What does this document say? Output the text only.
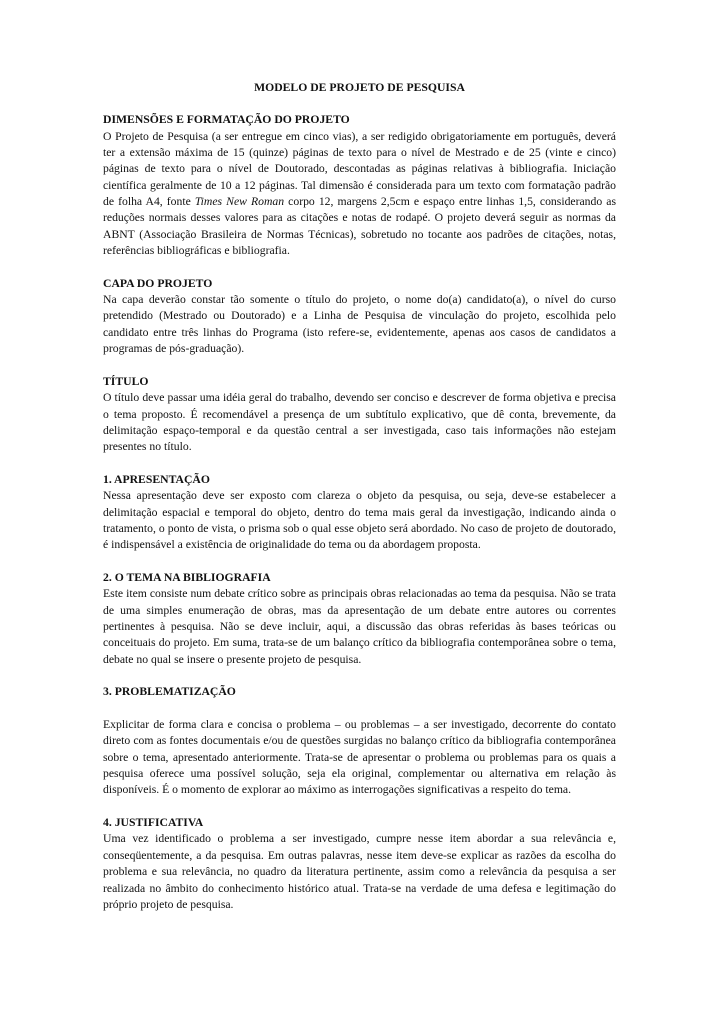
MODELO DE PROJETO DE PESQUISA

DIMENSÕES E FORMATAÇÃO DO PROJETO

O Projeto de Pesquisa (a ser entregue em cinco vias), a ser redigido obrigatoriamente em português, deverá ter a extensão máxima de 15 (quinze) páginas de texto para o nível de Mestrado e de 25 (vinte e cinco) páginas de texto para o nível de Doutorado, descontadas as páginas relativas à bibliografia. Iniciação científica geralmente de 10 a 12 páginas. Tal dimensão é considerada para um texto com formatação padrão de folha A4, fonte Times New Roman corpo 12, margens 2,5cm e espaço entre linhas 1,5, considerando as reduções normais desses valores para as citações e notas de rodapé. O projeto deverá seguir as normas da ABNT (Associação Brasileira de Normas Técnicas), sobretudo no tocante aos padrões de citações, notas, referências bibliográficas e bibliografia.

CAPA DO PROJETO

Na capa deverão constar tão somente o título do projeto, o nome do(a) candidato(a), o nível do curso pretendido (Mestrado ou Doutorado) e a Linha de Pesquisa de vinculação do projeto, escolhida pelo candidato entre três linhas do Programa (isto refere-se, evidentemente, apenas aos casos de candidatos a programas de pós-graduação).

TÍTULO

O título deve passar uma idéia geral do trabalho, devendo ser conciso e descrever de forma objetiva e precisa o tema proposto. É recomendável a presença de um subtítulo explicativo, que dê conta, brevemente, da delimitação espaço-temporal e da questão central a ser investigada, caso tais informações não estejam presentes no título.

1. APRESENTAÇÃO

Nessa apresentação deve ser exposto com clareza o objeto da pesquisa, ou seja, deve-se estabelecer a delimitação espacial e temporal do objeto, dentro do tema mais geral da investigação, indicando ainda o tratamento, o ponto de vista, o prisma sob o qual esse objeto será abordado. No caso de projeto de doutorado, é indispensável a existência de originalidade do tema ou da abordagem proposta.

2. O TEMA NA BIBLIOGRAFIA

Este item consiste num debate crítico sobre as principais obras relacionadas ao tema da pesquisa. Não se trata de uma simples enumeração de obras, mas da apresentação de um debate entre autores ou correntes pertinentes à pesquisa. Não se deve incluir, aqui, a discussão das obras referidas às bases teóricas ou conceituais do projeto. Em suma, trata-se de um balanço crítico da bibliografia contemporânea sobre o tema, debate no qual se insere o presente projeto de pesquisa.

3. PROBLEMATIZAÇÃO

Explicitar de forma clara e concisa o problema – ou problemas – a ser investigado, decorrente do contato direto com as fontes documentais e/ou de questões surgidas no balanço crítico da bibliografia contemporânea sobre o tema, apresentado anteriormente. Trata-se de apresentar o problema ou problemas para os quais a pesquisa oferece uma possível solução, seja ela original, complementar ou alternativa em relação às disponíveis. É o momento de explorar ao máximo as interrogações significativas a respeito do tema.

4. JUSTIFICATIVA

Uma vez identificado o problema a ser investigado, cumpre nesse item abordar a sua relevância e, conseqüentemente, a da pesquisa. Em outras palavras, nesse item deve-se explicar as razões da escolha do problema e sua relevância, no quadro da literatura pertinente, assim como a relevância da pesquisa a ser realizada no âmbito do conhecimento histórico atual. Trata-se na verdade de uma defesa e legitimação do próprio projeto de pesquisa.
